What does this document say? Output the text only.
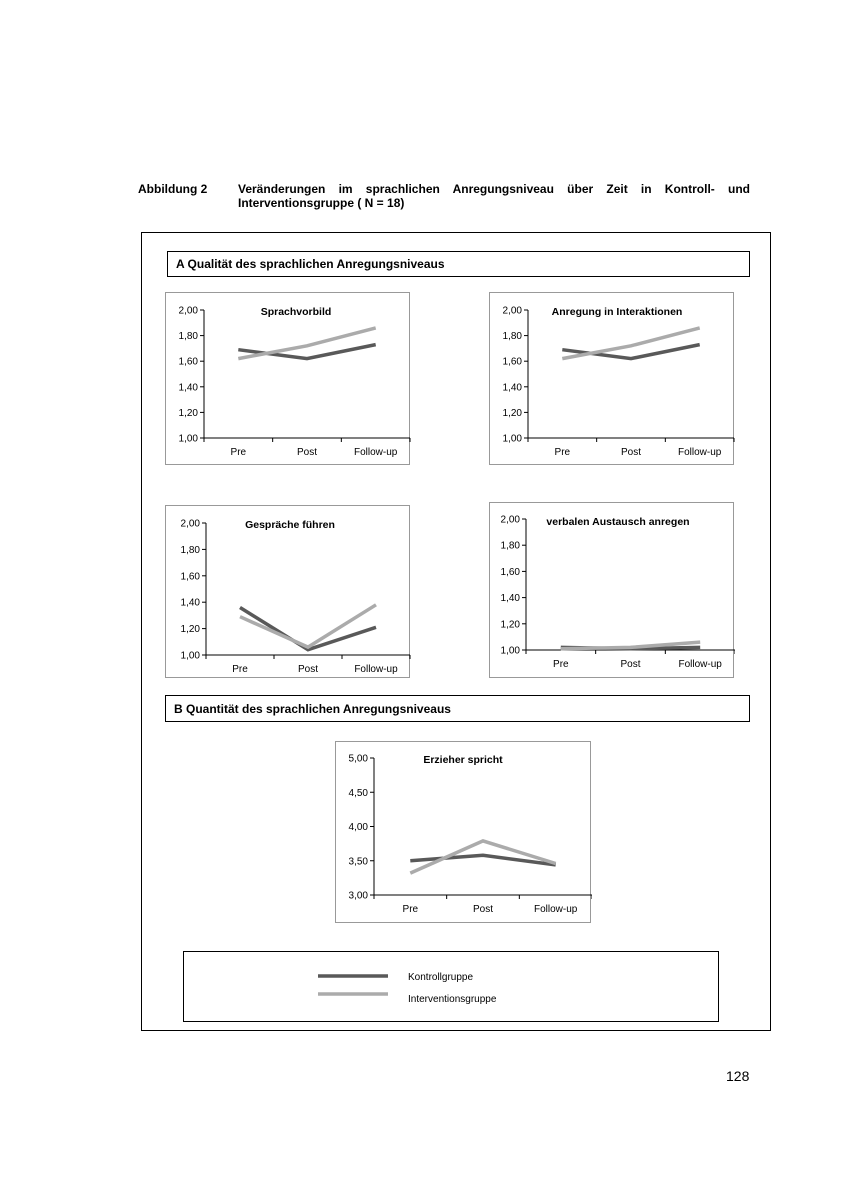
Abbildung 2	Veränderungen im sprachlichen Anregungsniveau über Zeit in Kontroll- und
Interventionsgruppe ( N = 18)
A Qualität des sprachlichen Anregungsniveaus
Sprachvorbild
1,00
1,20
1,40
1,60
1,80
2,00
Pre	Post	Follow-up
Anregung in Interaktionen
1,00
1,20
1,40
1,60
1,80
2,00
Pre	Post	Follow-up
Gespräche führen
1,00
1,20
1,40
1,60
1,80
2,00
Pre	Post	Follow-up
verbalen Austausch anregen
1,00
1,20
1,40
1,60
1,80
2,00
Pre	Post	Follow-up
B Quantität des sprachlichen Anregungsniveaus
Erzieher spricht
3,00
3,50
4,00
4,50
5,00
Pre	Post	Follow-up
Kontrollgruppe
Interventionsgruppe
128
